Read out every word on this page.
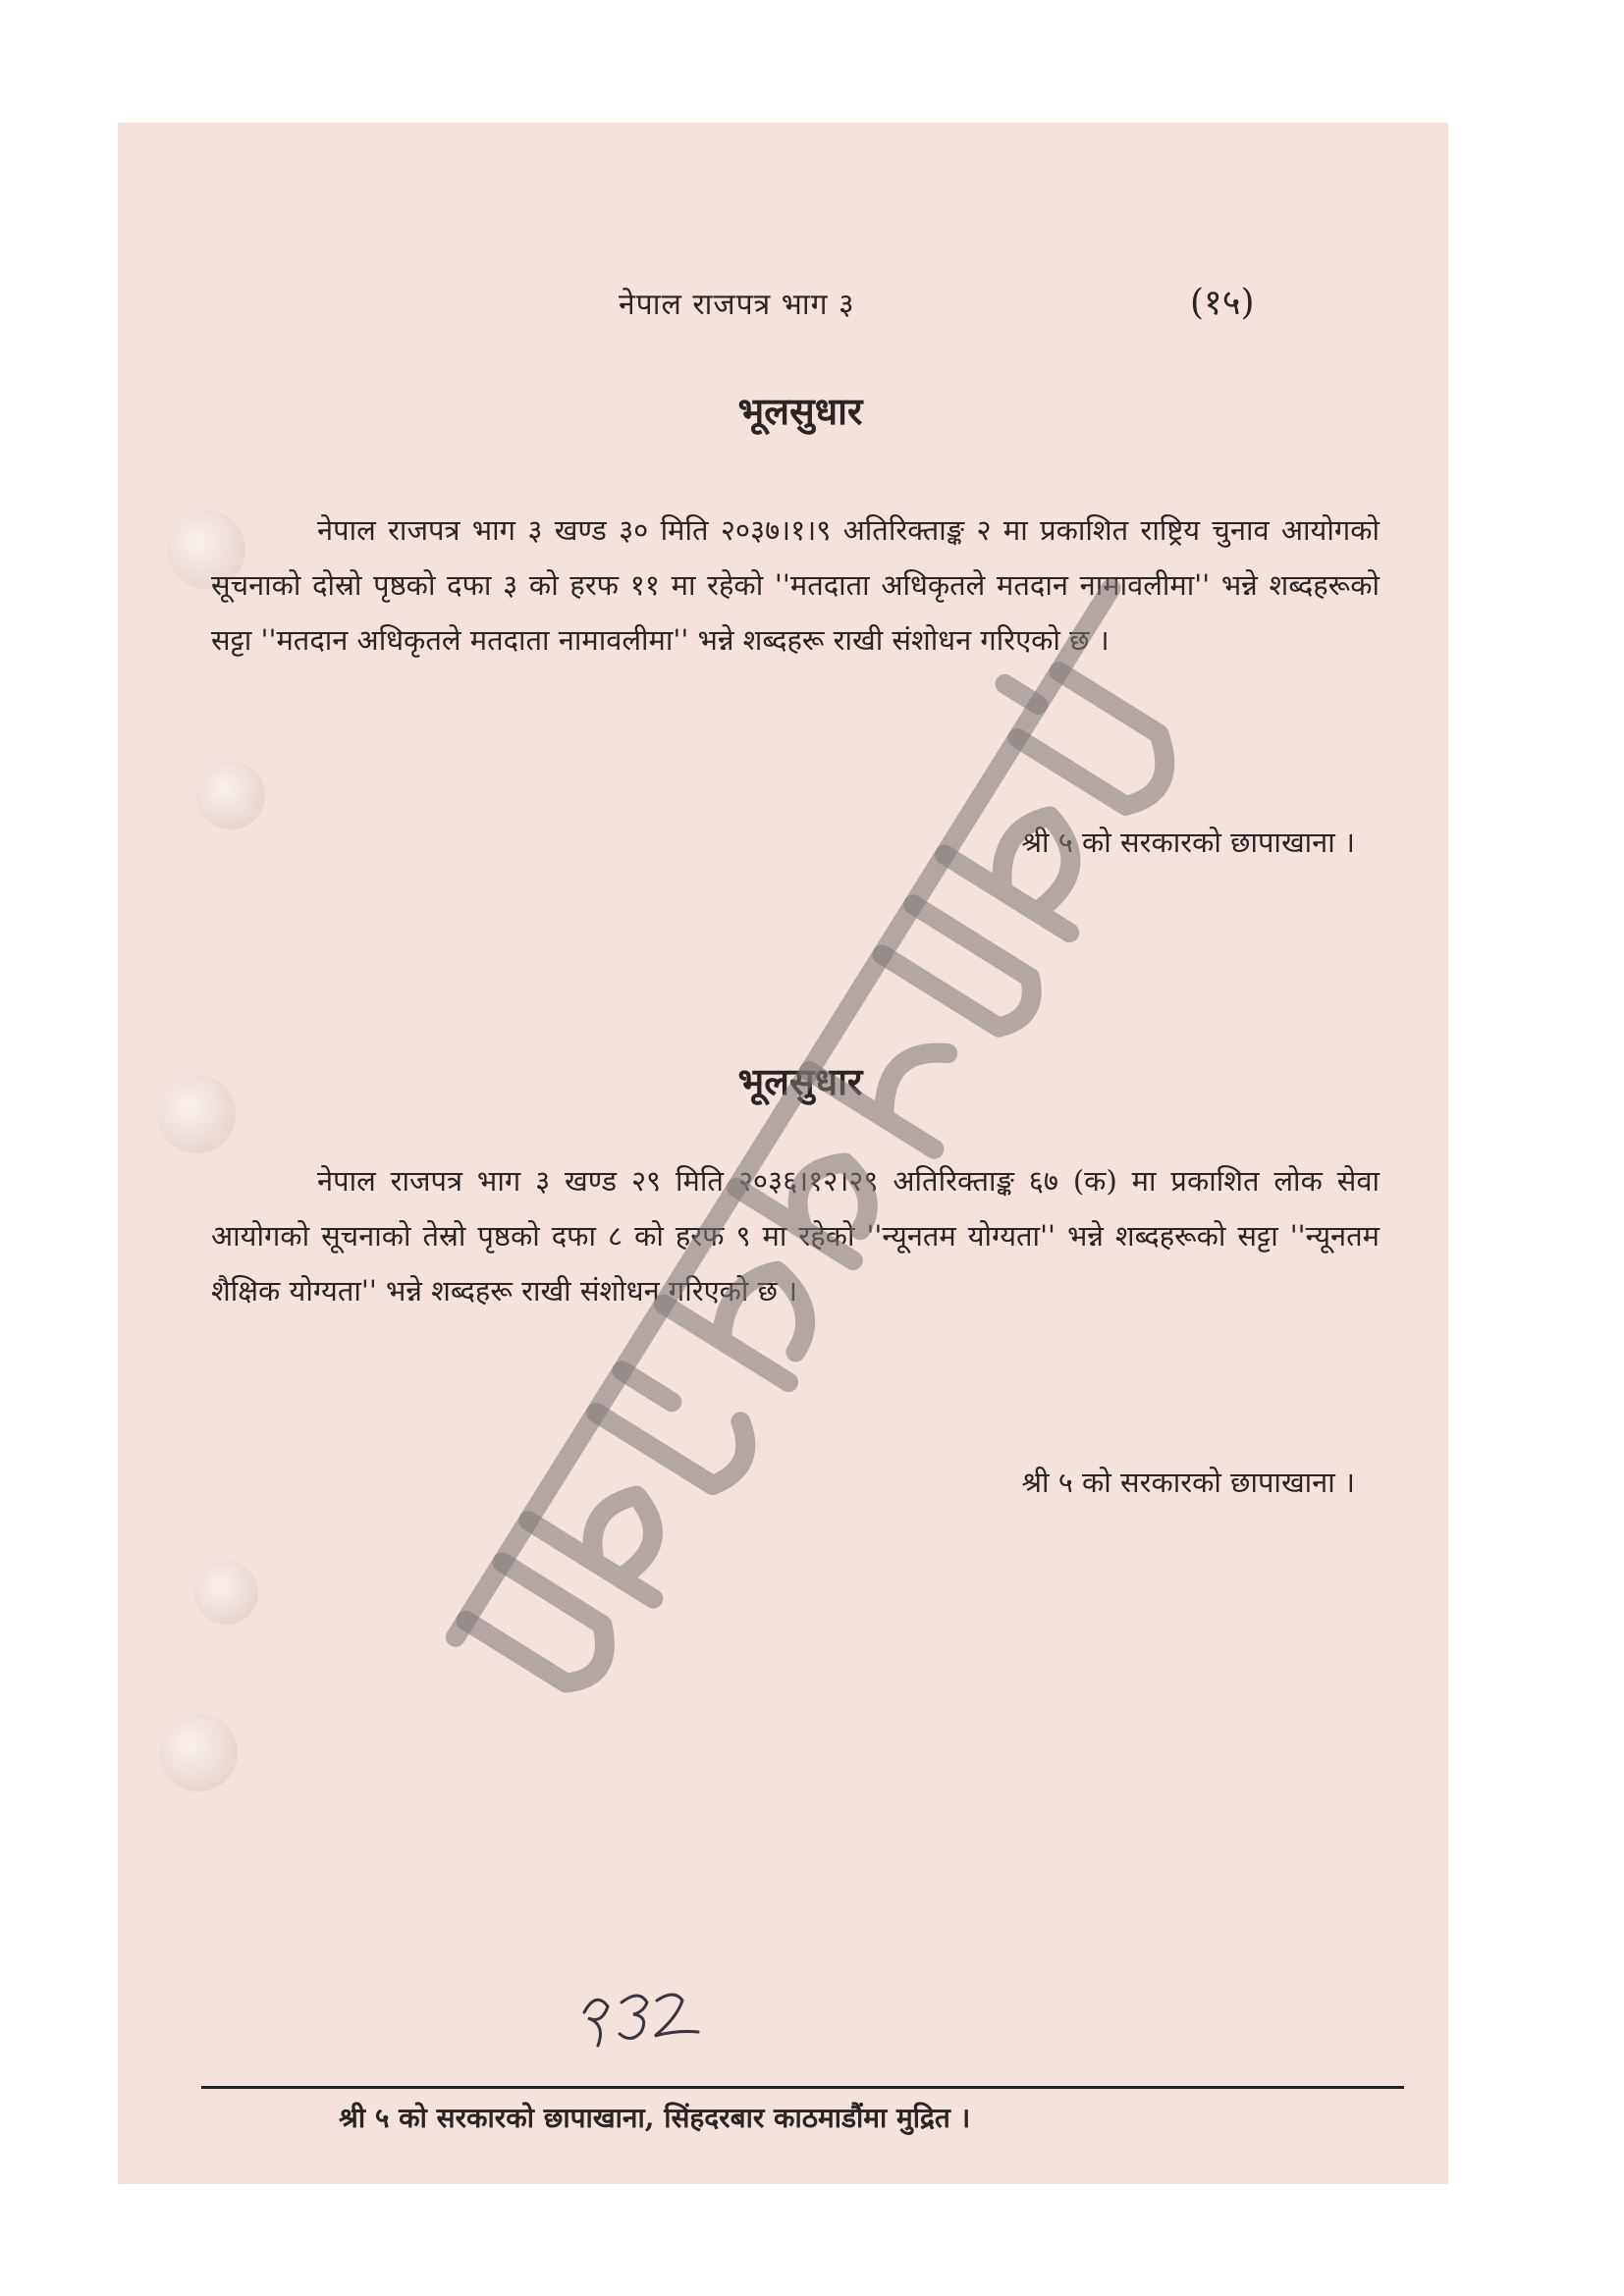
नेपाल राजपत्र भाग ३	(१५)
भूलसुधार
नेपाल राजपत्र भाग ३ खण्ड ३० मिति २०३७।१।९ अतिरिक्ताङ्क २ मा प्रकाशित राष्ट्रिय चुनाव आयोगको सूचनाको दोस्रो पृष्ठको दफा ३ को हरफ ११ मा रहेको ''मतदाता अधिकृतले मतदान नामावलीमा'' भन्ने शब्दहरूको सट्टा ''मतदान अधिकृतले मतदाता नामावलीमा'' भन्ने शब्दहरू राखी संशोधन गरिएको छ ।
श्री ५ को सरकारको छापाखाना ।
भूलसुधार
नेपाल राजपत्र भाग ३ खण्ड २९ मिति २०३६।१२।२९ अतिरिक्ताङ्क ६७ (क) मा प्रकाशित लोक सेवा आयोगको सूचनाको तेस्रो पृष्ठको दफा ८ को हरफ ९ मा रहेको ''न्यूनतम योग्यता'' भन्ने शब्दहरूको सट्टा ''न्यूनतम शैक्षिक योग्यता'' भन्ने शब्दहरू राखी संशोधन गरिएको छ ।
श्री ५ को सरकारको छापाखाना ।
श्री ५ को सरकारको छापाखाना, सिंहदरबार काठमाडौंमा मुद्रित ।
